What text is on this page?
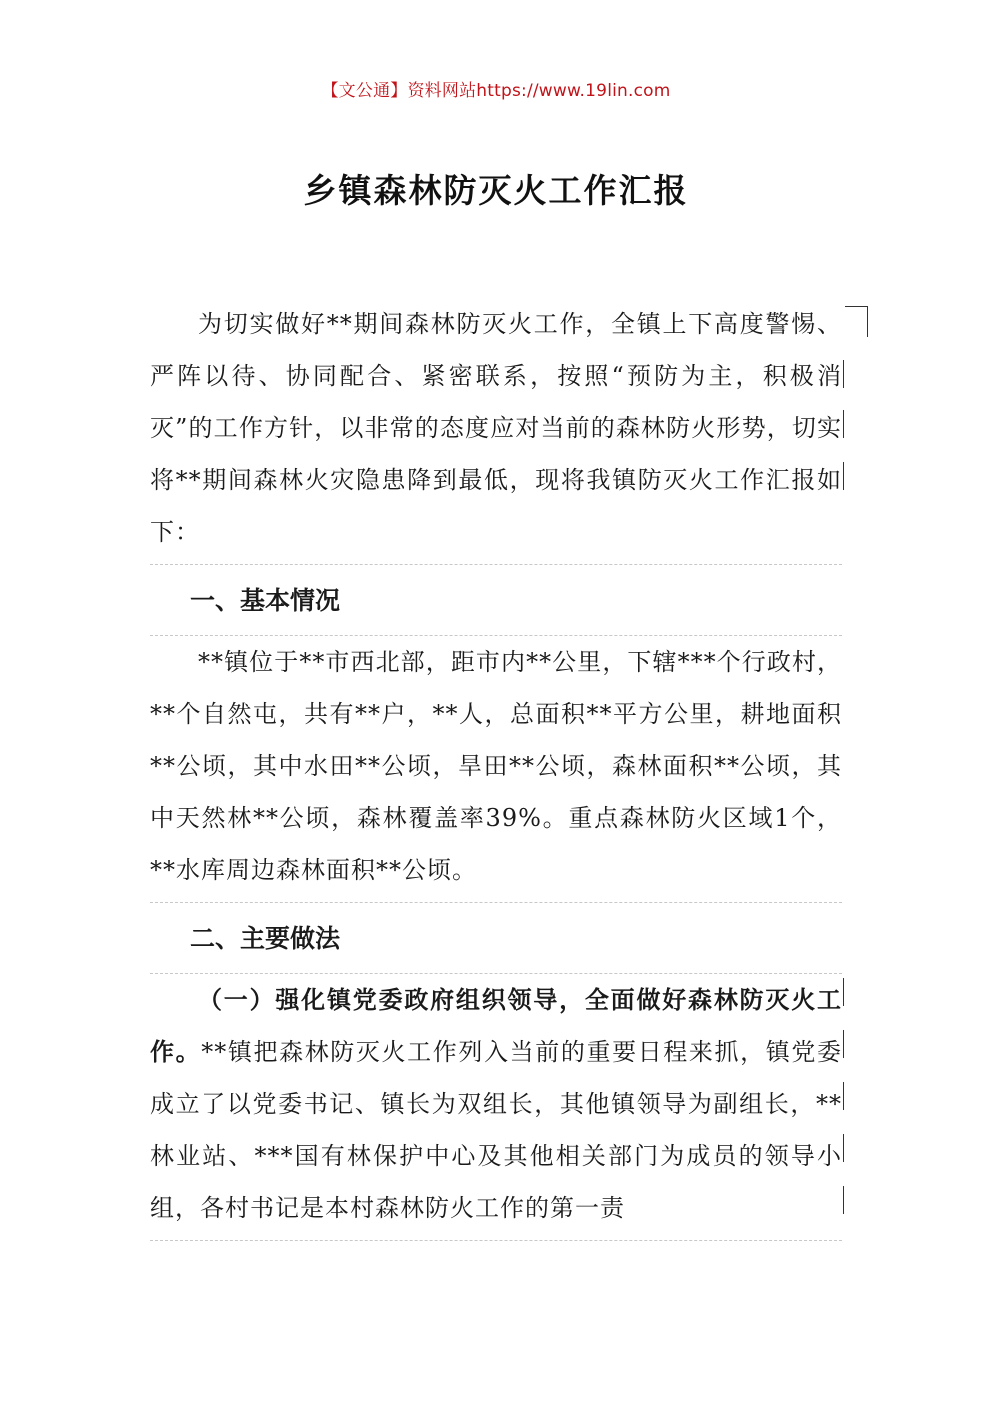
【文公通】资料网站https://www.19lin.com
乡镇森林防灭火工作汇报

为切实做好**期间森林防灭火工作，全镇上下高度警惕、严阵以待、协同配合、紧密联系，按照“预防为主，积极消灭”的工作方针，以非常的态度应对当前的森林防火形势，切实将**期间森林火灾隐患降到最低，现将我镇防灭火工作汇报如下：

一、基本情况

**镇位于**市西北部，距市内**公里，下辖***个行政村，**个自然屯，共有**户，**人，总面积**平方公里，耕地面积**公顷，其中水田**公顷，旱田**公顷，森林面积**公顷，其中天然林**公顷，森林覆盖率39%。重点森林防火区域1个，**水库周边森林面积**公顷。

二、主要做法

（一）强化镇党委政府组织领导，全面做好森林防灭火工作。**镇把森林防灭火工作列入当前的重要日程来抓，镇党委成立了以党委书记、镇长为双组长，其他镇领导为副组长，**林业站、***国有林保护中心及其他相关部门为成员的领导小组，各村书记是本村森林防火工作的第一责
